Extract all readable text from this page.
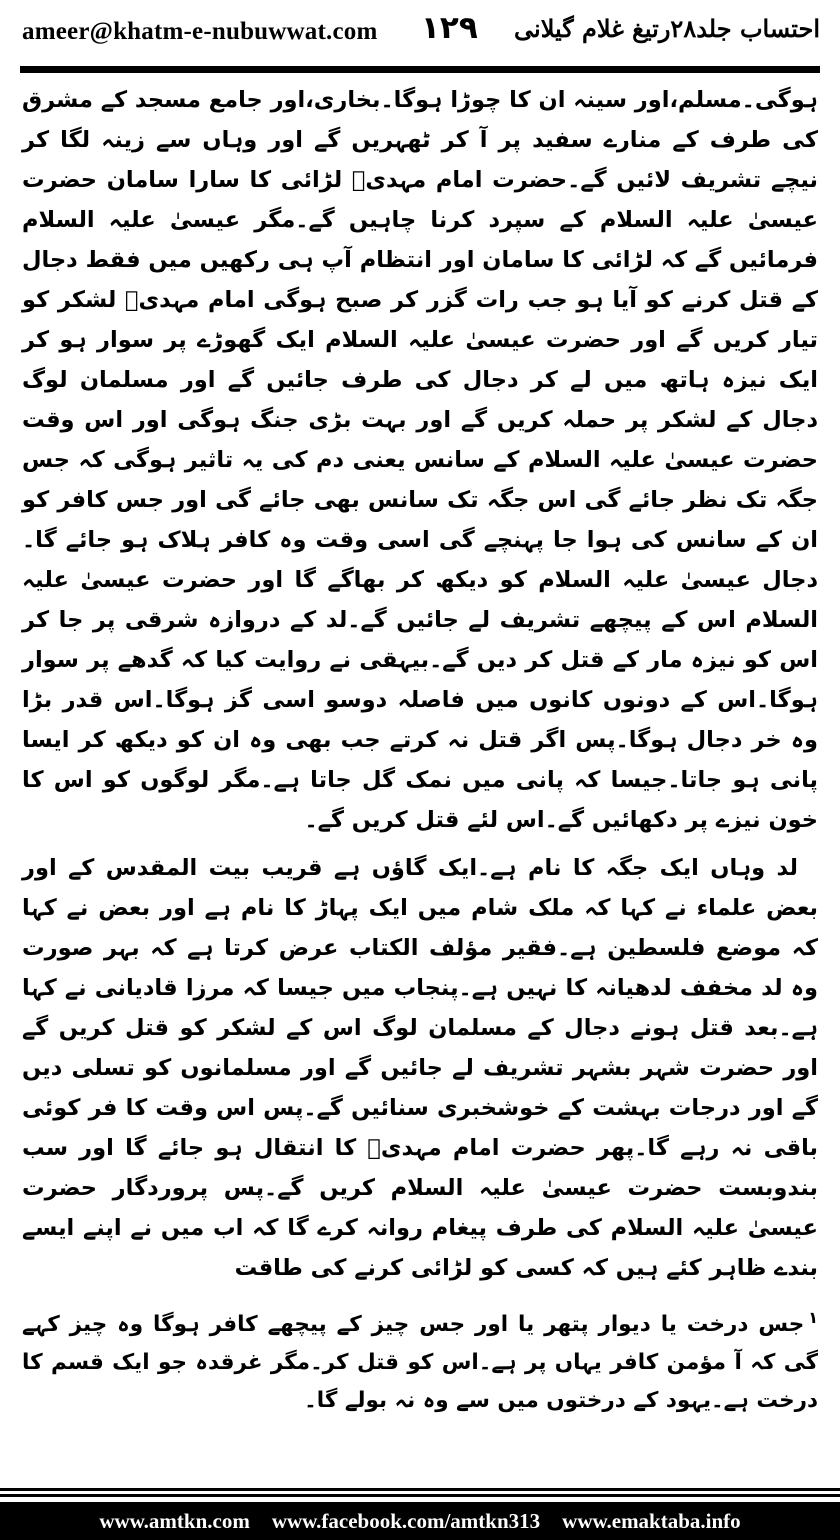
ameer@khatm-e-nubuwwat.com ۱۲۹ احتساب جلد۲۸رتیغ غلام گیلانی

ہوگی۔مسلم،اور سینہ ان کا چوڑا ہوگا۔بخاری،اور جامع مسجد کے مشرق کی طرف کے منارے سفید پر آ کر ٹھہریں گے اور وہاں سے زینہ لگا کر نیچے تشریف لائیں گے۔حضرت امام مہدیؓ لڑائی کا سارا سامان حضرت عیسیٰ علیہ السلام کے سپرد کرنا چاہیں گے۔مگر عیسیٰ علیہ السلام فرمائیں گے کہ لڑائی کا سامان اور انتظام آپ ہی رکھیں میں فقط دجال کے قتل کرنے کو آیا ہو جب رات گزر کر صبح ہوگی امام مہدیؓ لشکر کو تیار کریں گے اور حضرت عیسیٰ علیہ السلام ایک گھوڑے پر سوار ہو کر ایک نیزہ ہاتھ میں لے کر دجال کی طرف جائیں گے اور مسلمان لوگ دجال کے لشکر پر حملہ کریں گے اور بہت بڑی جنگ ہوگی اور اس وقت حضرت عیسیٰ علیہ السلام کے سانس یعنی دم کی یہ تاثیر ہوگی کہ جس جگہ تک نظر جائے گی اس جگہ تک سانس بھی جائے گی اور جس کافر کو ان کے سانس کی ہوا جا پہنچے گی اسی وقت وہ کافر ہلاک ہو جائے گا۔دجال عیسیٰ علیہ السلام کو دیکھ کر بھاگے گا اور حضرت عیسیٰ علیہ السلام اس کے پیچھے تشریف لے جائیں گے۔لد کے دروازہ شرقی پر جا کر اس کو نیزہ مار کے قتل کر دیں گے۔بیہقی نے روایت کیا کہ گدھے پر سوار ہوگا۔اس کے دونوں کانوں میں فاصلہ دوسو اسی گز ہوگا۔اس قدر بڑا وہ خر دجال ہوگا۔پس اگر قتل نہ کرتے جب بھی وہ ان کو دیکھ کر ایسا پانی ہو جاتا۔جیسا کہ پانی میں نمک گل جاتا ہے۔مگر لوگوں کو اس کا خون نیزے پر دکھائیں گے۔اس لئے قتل کریں گے۔

لد وہاں ایک جگہ کا نام ہے۔ایک گاؤں ہے قریب بیت المقدس کے اور بعض علماء نے کہا کہ ملک شام میں ایک پہاڑ کا نام ہے اور بعض نے کہا کہ موضع فلسطین ہے۔فقیر مؤلف الکتاب عرض کرتا ہے کہ بہر صورت وہ لد مخفف لدھیانہ کا نہیں ہے۔پنجاب میں جیسا کہ مرزا قادیانی نے کہا ہے۔بعد قتل ہونے دجال کے مسلمان لوگ اس کے لشکر کو قتل کریں گے اور حضرت شہر بشہر تشریف لے جائیں گے اور مسلمانوں کو تسلی دیں گے اور درجات بہشت کے خوشخبری سنائیں گے۔پس اس وقت کا فر کوئی باقی نہ رہے گا۔پھر حضرت امام مہدیؓ کا انتقال ہو جائے گا اور سب بندوبست حضرت عیسیٰ علیہ السلام کریں گے۔پس پروردگار حضرت عیسیٰ علیہ السلام کی طرف پیغام روانہ کرے گا کہ اب میں نے اپنے ایسے بندے ظاہر کئے ہیں کہ کسی کو لڑائی کرنے کی طاقت

$^۱$جس درخت یا دیوار پتھر یا اور جس چیز کے پیچھے کافر ہوگا وہ چیز کہے گی کہ آ مؤمن کافر یہاں پر ہے۔اس کو قتل کر۔مگر غرقدہ جو ایک قسم کا درخت ہے۔یہود کے درختوں میں سے وہ نہ بولے گا۔

www.amtkn.com www.facebook.com/amtkn313 www.emaktaba.info
